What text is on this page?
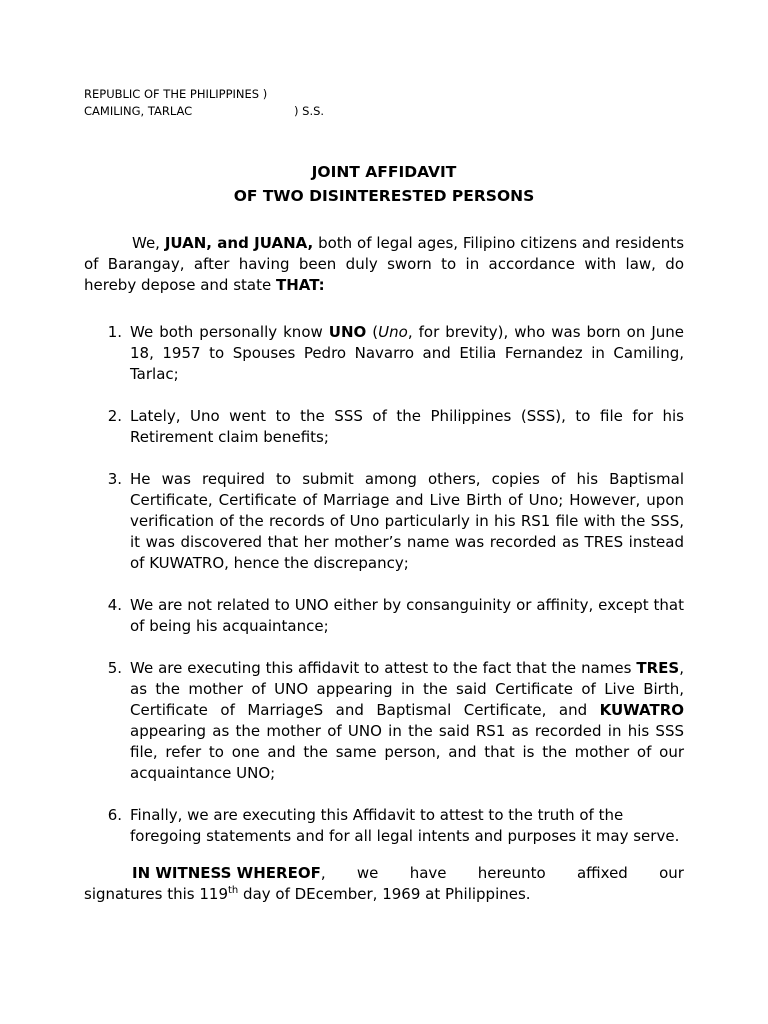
REPUBLIC OF THE PHILIPPINES )
CAMILING, TARLAC	) S.S.
JOINT AFFIDAVIT
OF TWO DISINTERESTED PERSONS

We, JUAN, and JUANA, both of legal ages, Filipino citizens and residents of Barangay, after having been duly sworn to in accordance with law, do hereby depose and state THAT:

1. We both personally know UNO (Uno, for brevity), who was born on June 18, 1957 to Spouses Pedro Navarro and Etilia Fernandez in Camiling, Tarlac;
2. Lately, Uno went to the SSS of the Philippines (SSS), to file for his Retirement claim benefits;
3. He was required to submit among others, copies of his Baptismal Certificate, Certificate of Marriage and Live Birth of Uno; However, upon verification of the records of Uno particularly in his RS1 file with the SSS, it was discovered that her mother’s name was recorded as TRES instead of KUWATRO, hence the discrepancy;
4. We are not related to UNO either by consanguinity or affinity, except that of being his acquaintance;
5. We are executing this affidavit to attest to the fact that the names TRES, as the mother of UNO appearing in the said Certificate of Live Birth, Certificate of MarriageS and Baptismal Certificate, and KUWATRO appearing as the mother of UNO in the said RS1 as recorded in his SSS file, refer to one and the same person, and that is the mother of our acquaintance UNO;
6. Finally, we are executing this Affidavit to attest to the truth of the foregoing statements and for all legal intents and purposes it may serve.
IN WITNESS WHEREOF, we have hereunto affixed our
signatures this 119th day of DEcember, 1969 at Philippines.
